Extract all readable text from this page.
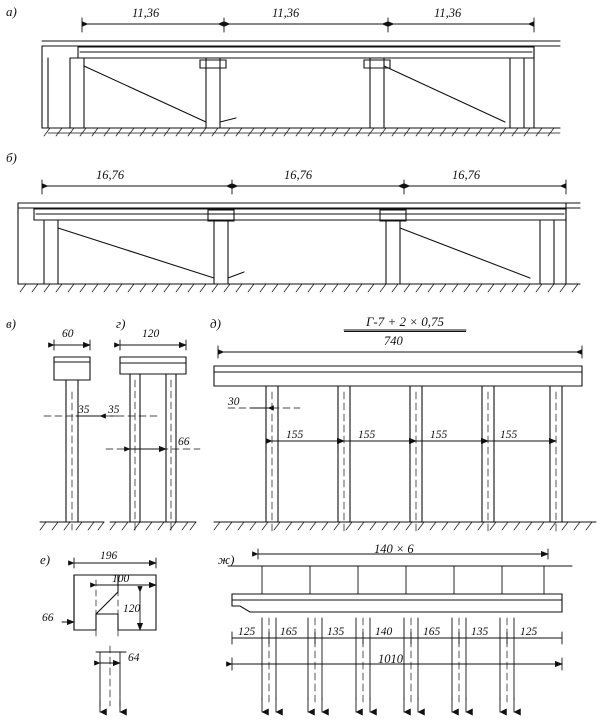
а)
б)
в)	г)	д)
е)	ж)
11,36	11,36	11,36
16,76	16,76	16,76
60
35
120
35
66
Г-7 + 2 × 0,75
740
30
155	155	155	155
196
100
120
66
64
140 × 6
125 165	135	140	165	135	125
1010
